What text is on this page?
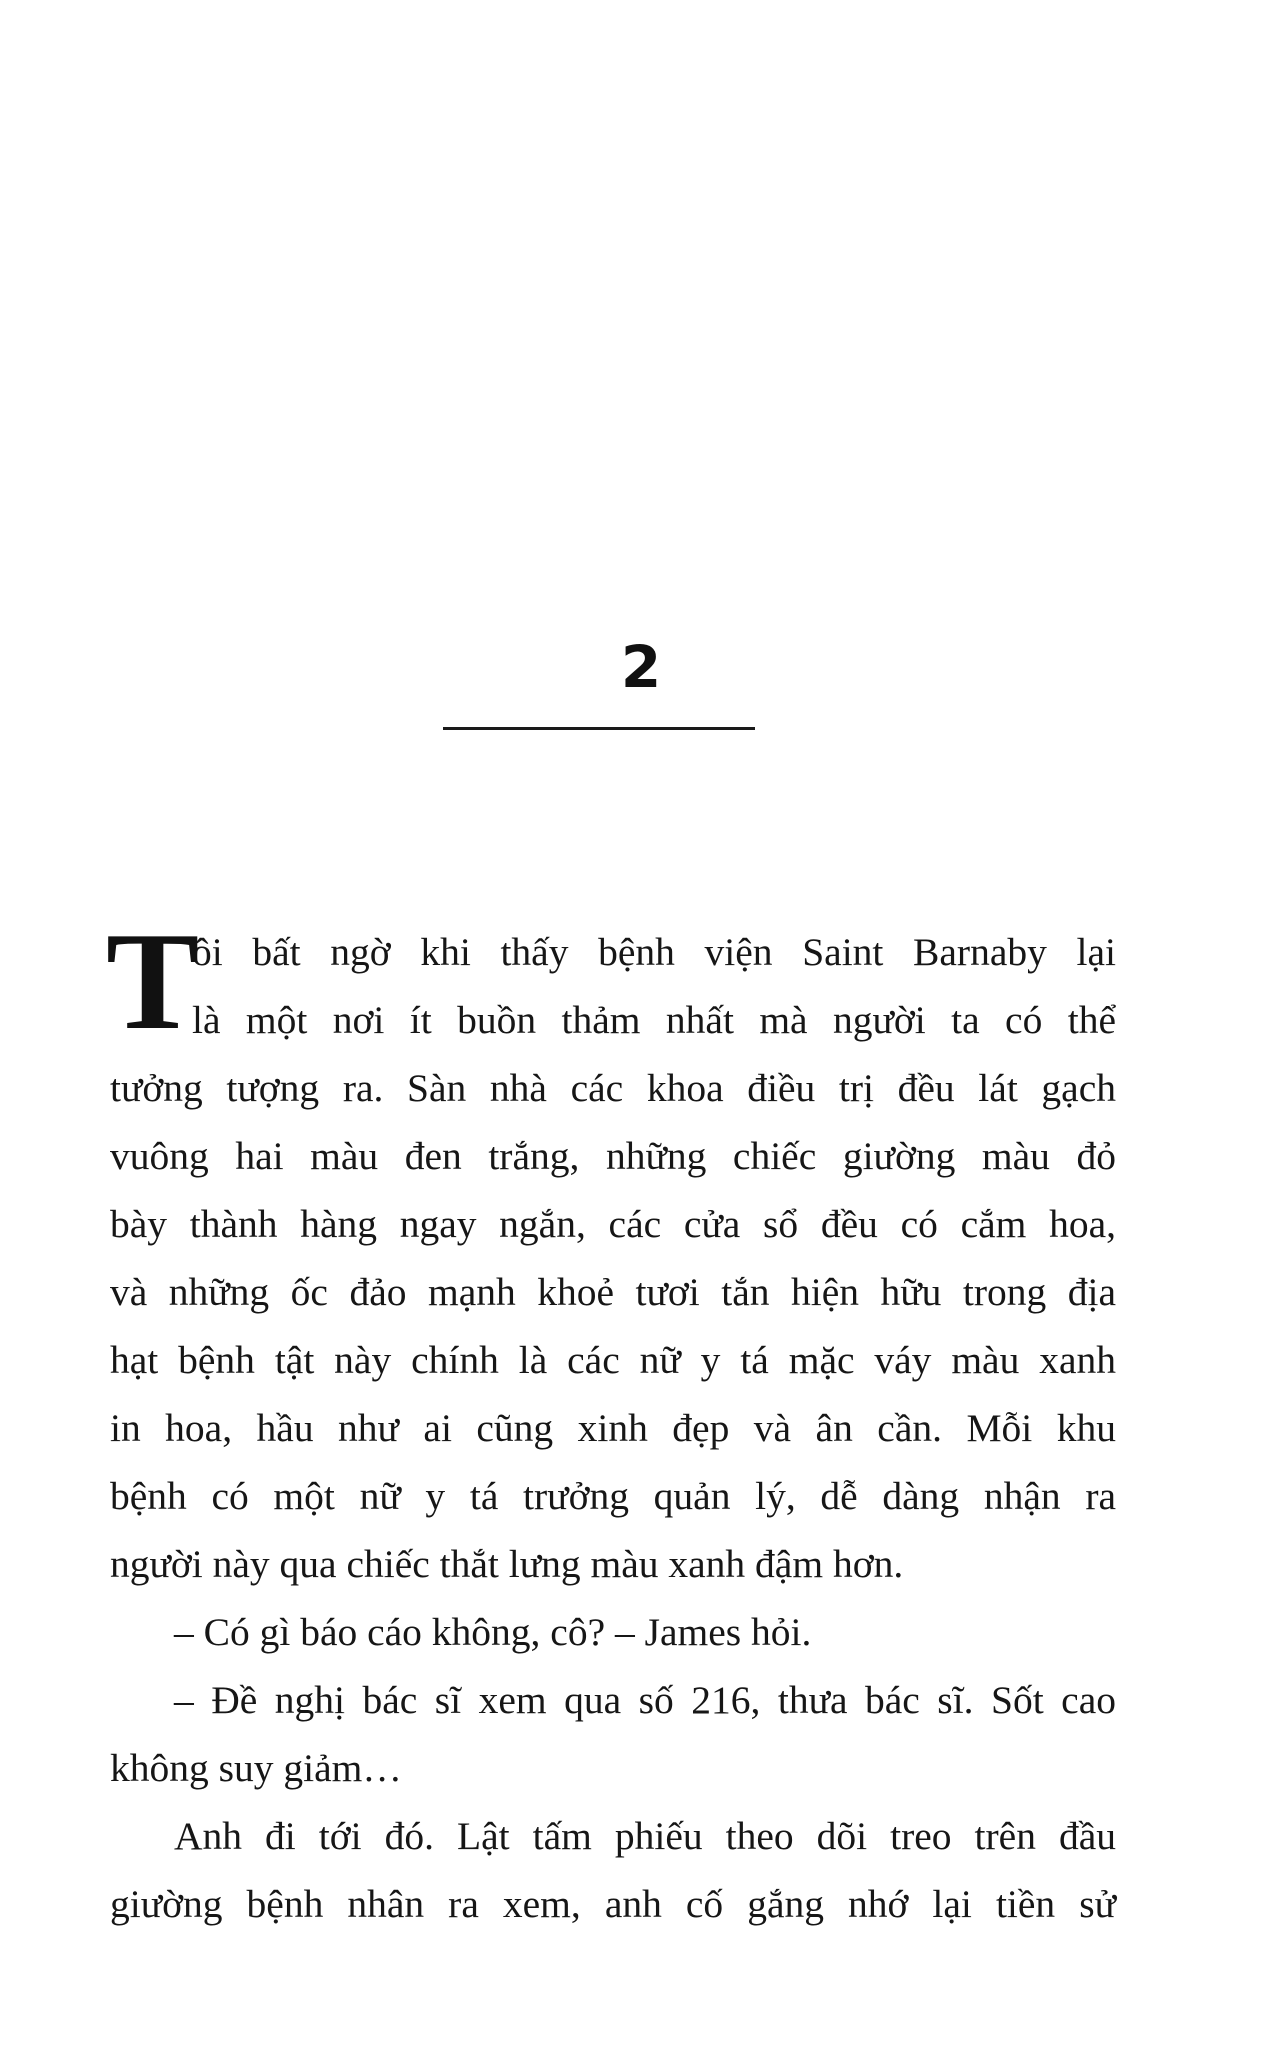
2
T
ôi bất ngờ khi thấy bệnh viện Saint Barnaby lại
là một nơi ít buồn thảm nhất mà người ta có thể
tưởng tượng ra. Sàn nhà các khoa điều trị đều lát gạch
vuông hai màu đen trắng, những chiếc giường màu đỏ
bày thành hàng ngay ngắn, các cửa sổ đều có cắm hoa,
và những ốc đảo mạnh khoẻ tươi tắn hiện hữu trong địa
hạt bệnh tật này chính là các nữ y tá mặc váy màu xanh
in hoa, hầu như ai cũng xinh đẹp và ân cần. Mỗi khu
bệnh có một nữ y tá trưởng quản lý, dễ dàng nhận ra
người này qua chiếc thắt lưng màu xanh đậm hơn.
– Có gì báo cáo không, cô? – James hỏi.
– Đề nghị bác sĩ xem qua số 216, thưa bác sĩ. Sốt cao
không suy giảm…
Anh đi tới đó. Lật tấm phiếu theo dõi treo trên đầu
giường bệnh nhân ra xem, anh cố gắng nhớ lại tiền sử
